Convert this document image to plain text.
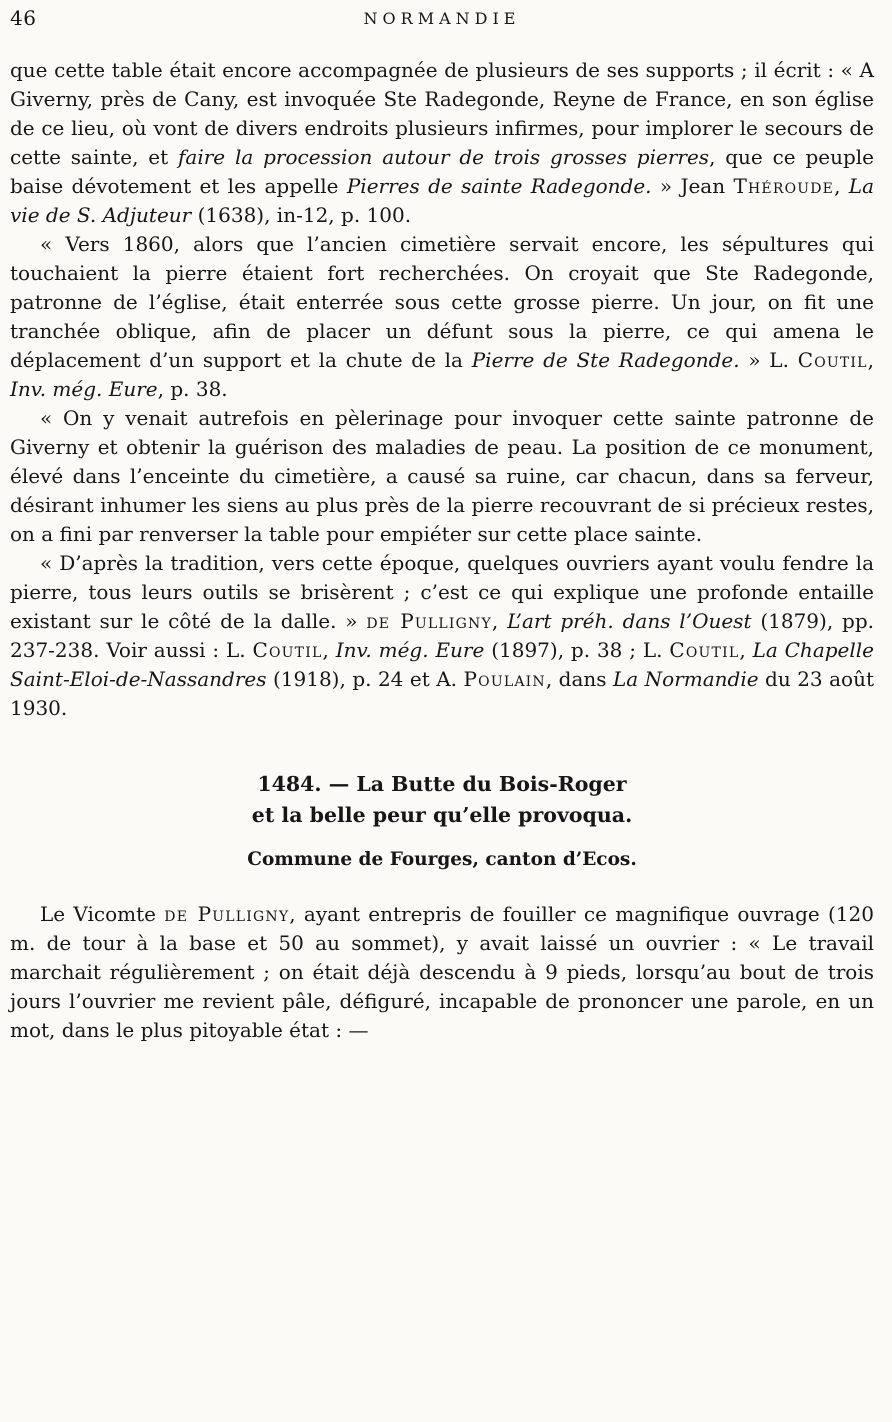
46	NORMANDIE

que cette table était encore accompagnée de plusieurs de ses supports ; il écrit : « A Giverny, près de Cany, est invoquée Ste Radegonde, Reyne de France, en son église de ce lieu, où vont de divers endroits plusieurs infirmes, pour implorer le secours de cette sainte, et faire la procession autour de trois grosses pierres, que ce peuple baise dévotement et les appelle Pierres de sainte Radegonde. » Jean Théroude, La vie de S. Adjuteur (1638), in-12, p. 100.

« Vers 1860, alors que l’ancien cimetière servait encore, les sépultures qui touchaient la pierre étaient fort recherchées. On croyait que Ste Radegonde, patronne de l’église, était enterrée sous cette grosse pierre. Un jour, on fit une tranchée oblique, afin de placer un défunt sous la pierre, ce qui amena le déplacement d’un support et la chute de la Pierre de Ste Radegonde. » L. Coutil, Inv. még. Eure, p. 38.

« On y venait autrefois en pèlerinage pour invoquer cette sainte patronne de Giverny et obtenir la guérison des maladies de peau. La position de ce monument, élevé dans l’enceinte du cimetière, a causé sa ruine, car chacun, dans sa ferveur, désirant inhumer les siens au plus près de la pierre recouvrant de si précieux restes, on a fini par renverser la table pour empiéter sur cette place sainte.

« D’après la tradition, vers cette époque, quelques ouvriers ayant voulu fendre la pierre, tous leurs outils se brisèrent ; c’est ce qui explique une profonde entaille existant sur le côté de la dalle. » de Pulligny, L’art préh. dans l’Ouest (1879), pp. 237-238. Voir aussi : L. Coutil, Inv. még. Eure (1897), p. 38 ; L. Coutil, La Chapelle Saint-Eloi-de-Nassandres (1918), p. 24 et A. Poulain, dans La Normandie du 23 août 1930.

1484. — La Butte du Bois-Roger
et la belle peur qu’elle provoqua.
Commune de Fourges, canton d’Ecos.

Le Vicomte de Pulligny, ayant entrepris de fouiller ce magnifique ouvrage (120 m. de tour à la base et 50 au sommet), y avait laissé un ouvrier : « Le travail marchait régulièrement ; on était déjà descendu à 9 pieds, lorsqu’au bout de trois jours l’ouvrier me revient pâle, défiguré, incapable de prononcer une parole, en un mot, dans le plus pitoyable état : —
